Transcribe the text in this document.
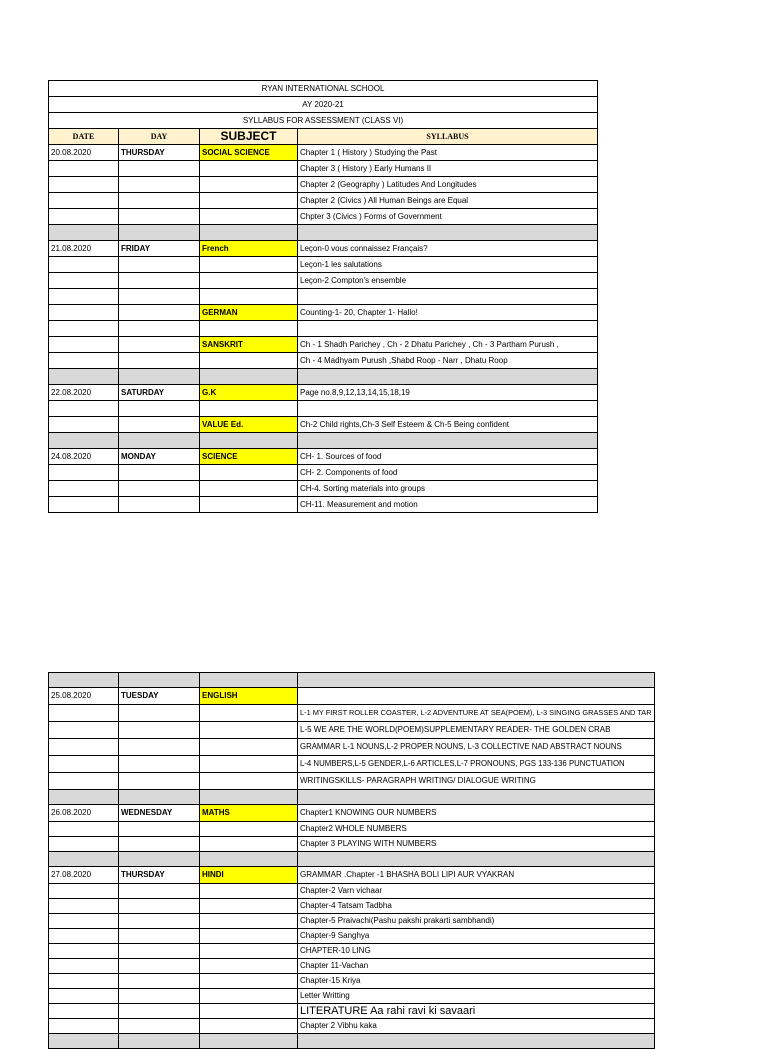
RYAN INTERNATIONAL SCHOOL			
AY 2020-21			
SYLLABUS FOR ASSESSMENT (CLASS VI)			
DATE	DAY	SUBJECT	SYLLABUS
20.08.2020	THURSDAY	SOCIAL SCIENCE	Chapter 1 ( History ) Studying the Past
			Chapter 3 ( History ) Early Humans II
			Chapter 2 (Geography ) Latitudes And Longitudes
			Chapter 2 (Civics ) All Human Beings are Equal
			Chpter 3 (Civics ) Forms of Government

21.08.2020	FRIDAY	French	Leçon-0 vous connaissez Français?
			Leçon-1 les salutations
			Leçon-2 Compton's ensemble

		GERMAN	Counting-1- 20, Chapter 1- Hallo!

		SANSKRIT	Ch - 1 Shadh Parichey , Ch - 2 Dhatu Parichey , Ch - 3 Partham Purush ,
			Ch - 4 Madhyam Purush ,Shabd Roop - Narr , Dhatu Roop

22.08.2020	SATURDAY	G.K	Page no.8,9,12,13,14,15,18,19

		VALUE Ed.	Ch-2 Child rights,Ch-3 Self Esteem & Ch-5 Being confident

24.08.2020	MONDAY	SCIENCE	CH- 1. Sources of food
			CH- 2. Components of food
			CH-4. Sorting materials into groups
			CH-11. Measurement and motion

25.08.2020	TUESDAY	ENGLISH	
			L-1 MY FIRST ROLLER COASTER, L-2 ADVENTURE AT SEA(POEM), L-3 SINGING GRASSES AND TAR
			L-5 WE ARE THE WORLD(POEM)SUPPLEMENTARY READER- THE GOLDEN CRAB
			GRAMMAR L-1 NOUNS,L-2 PROPER NOUNS, L-3 COLLECTIVE NAD ABSTRACT NOUNS
			L-4 NUMBERS,L-5 GENDER,L-6 ARTICLES,L-7 PRONOUNS, PGS 133-136 PUNCTUATION
			WRITINGSKILLS- PARAGRAPH WRITING/ DIALOGUE WRITING

26.08.2020	WEDNESDAY	MATHS	Chapter1 KNOWING OUR NUMBERS
			Chapter2 WHOLE NUMBERS
			Chapter 3 PLAYING WITH NUMBERS

27.08.2020	THURSDAY	HINDI	GRAMMAR .Chapter -1 BHASHA BOLI LIPI AUR VYAKRAN
			Chapter-2 Varn vichaar
			Chapter-4 Tatsam Tadbha
			Chapter-5 Praivachi(Pashu pakshi prakarti sambhandi)
			Chapter-9 Sanghya
			CHAPTER-10 LING
			Chapter 11-Vachan
			Chapter-15 Kriya
			Letter Writting
			LITERATURE Aa rahi ravi ki savaari
			Chapter 2 Vibhu kaka
